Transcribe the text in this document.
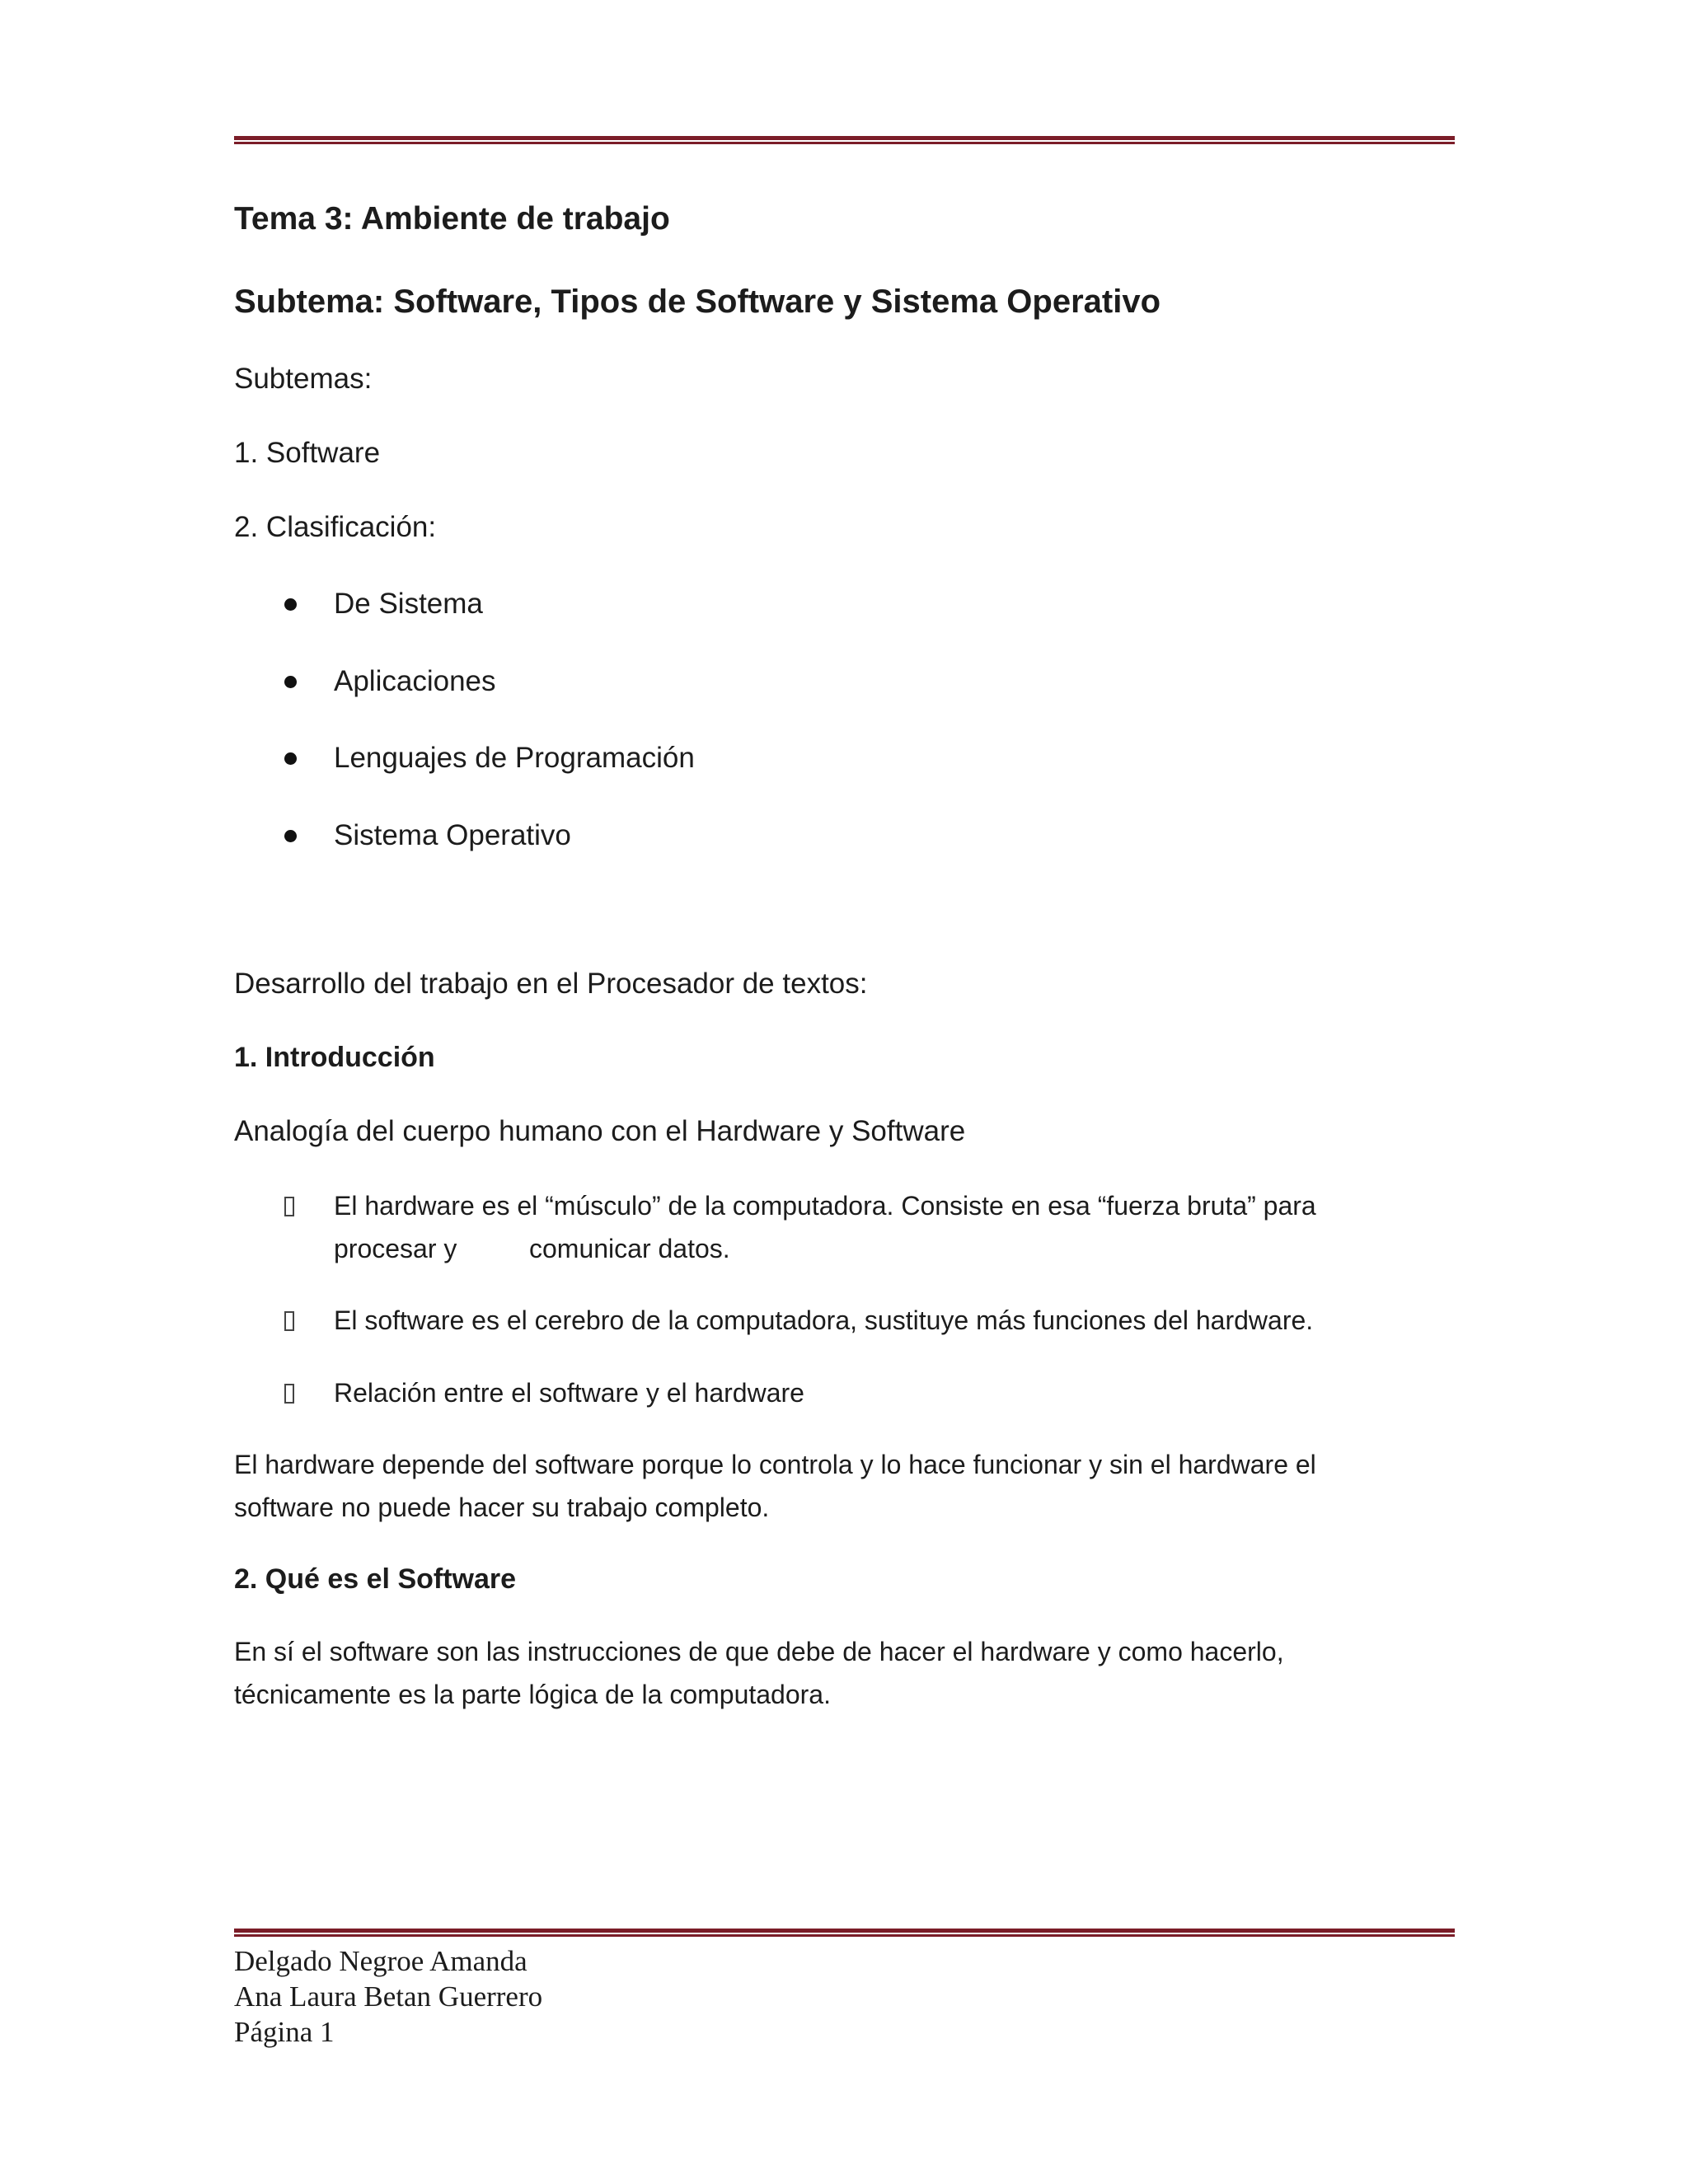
Tema 3: Ambiente de trabajo
Subtema: Software, Tipos de Software y Sistema Operativo
Subtemas:
1. Software
2. Clasificación:
De Sistema
Aplicaciones
Lenguajes de Programación
Sistema Operativo
Desarrollo del trabajo en el Procesador de textos:
1. Introducción
Analogía del cuerpo humano con el Hardware y Software
El hardware es el “músculo” de la computadora. Consiste en esa “fuerza bruta” para
procesar y	comunicar datos.
El software es el cerebro de la computadora, sustituye más funciones del hardware.
Relación entre el software y el hardware
El hardware depende del software porque lo controla y lo hace funcionar y sin el hardware el
software no puede hacer su trabajo completo.
2. Qué es el Software
En sí el software son las instrucciones de que debe de hacer el hardware y como hacerlo,
técnicamente es la parte lógica de la computadora.
Delgado Negroe Amanda
Ana Laura Betan Guerrero
Página 1
